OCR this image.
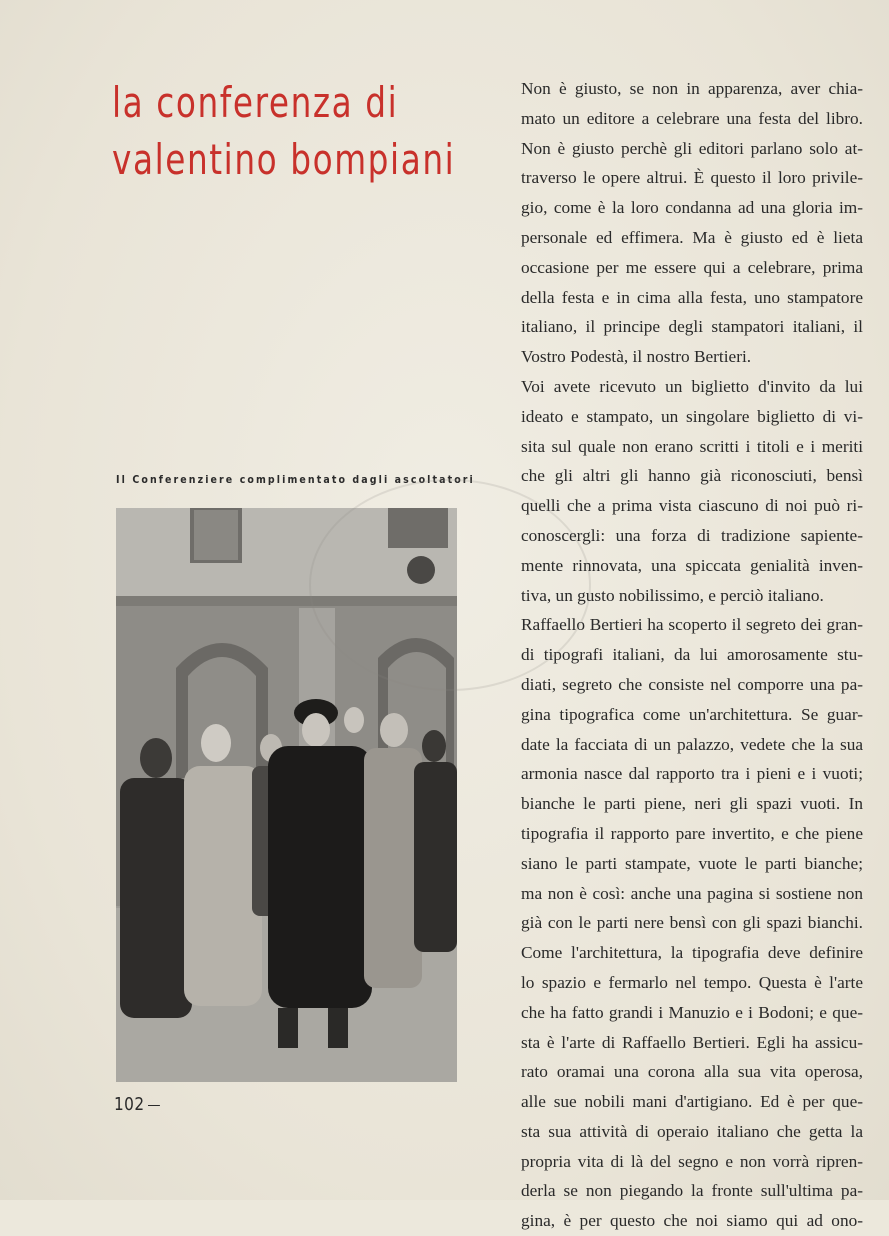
la conferenza di
valentino bompiani
Il Conferenziere complimentato dagli ascoltatori
102
Non è giusto, se non in apparenza, aver chia-
mato un editore a celebrare una festa del libro.
Non è giusto perchè gli editori parlano solo at-
traverso le opere altrui. È questo il loro privile-
gio, come è la loro condanna ad una gloria im-
personale ed effimera. Ma è giusto ed è lieta
occasione per me essere qui a celebrare, prima
della festa e in cima alla festa, uno stampatore
italiano, il principe degli stampatori italiani, il
Vostro Podestà, il nostro Bertieri.
Voi avete ricevuto un biglietto d'invito da lui
ideato e stampato, un singolare biglietto di vi-
sita sul quale non erano scritti i titoli e i meriti
che gli altri gli hanno già riconosciuti, bensì
quelli che a prima vista ciascuno di noi può ri-
conoscergli: una forza di tradizione sapiente-
mente rinnovata, una spiccata genialità inven-
tiva, un gusto nobilissimo, e perciò italiano.
Raffaello Bertieri ha scoperto il segreto dei gran-
di tipografi italiani, da lui amorosamente stu-
diati, segreto che consiste nel comporre una pa-
gina tipografica come un'architettura. Se guar-
date la facciata di un palazzo, vedete che la sua
armonia nasce dal rapporto tra i pieni e i vuoti;
bianche le parti piene, neri gli spazi vuoti. In
tipografia il rapporto pare invertito, e che piene
siano le parti stampate, vuote le parti bianche;
ma non è così: anche una pagina si sostiene non
già con le parti nere bensì con gli spazi bianchi.
Come l'architettura, la tipografia deve definire
lo spazio e fermarlo nel tempo. Questa è l'arte
che ha fatto grandi i Manuzio e i Bodoni; e que-
sta è l'arte di Raffaello Bertieri. Egli ha assicu-
rato oramai una corona alla sua vita operosa,
alle sue nobili mani d'artigiano. Ed è per que-
sta sua attività di operaio italiano che getta la
propria vita di là del segno e non vorrà ripren-
derla se non piegando la fronte sull'ultima pa-
gina, è per questo che noi siamo qui ad ono-
